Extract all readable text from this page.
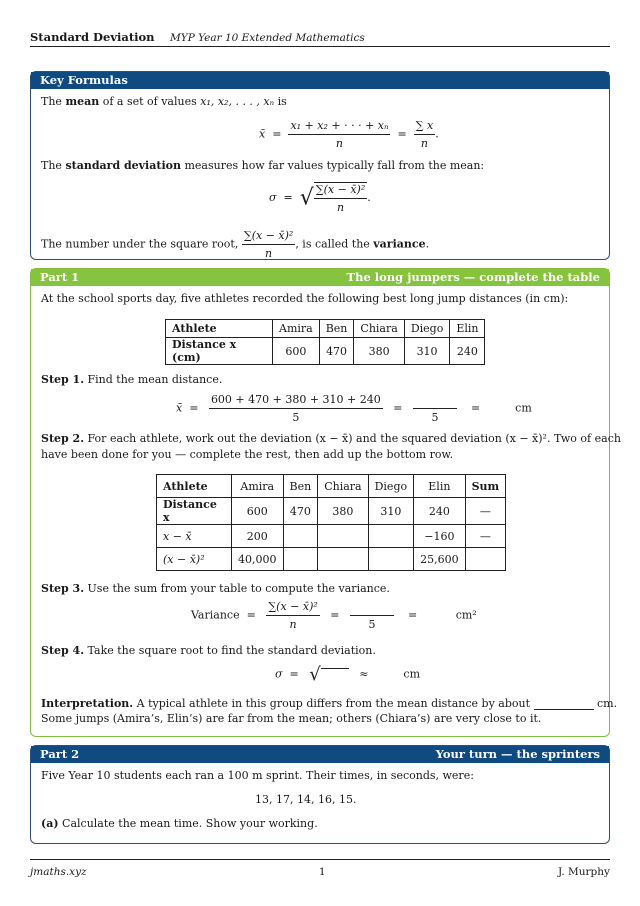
Standard Deviation MYP Year 10 Extended Mathematics
Key Formulas
The mean of a set of values x₁, x₂, . . . , xₙ is
x̄ = $\frac{\text{x₁ + x₂ + · · · + xₙ}}{n} = \frac{\sum x}{n}$ .
The standard deviation measures how far values typically fall from the mean:
σ = √ $\frac{\text{∑(x − x̄)²}}{n}$ .
The number under the square root, $\frac{\text{∑(x − x̄)²}}{n}$ , is called the variance.
Part 1	The long jumpers — complete the table
At the school sports day, five athletes recorded the following best long jump distances (in cm):
Athlete	Amira	Ben	Chiara	Diego	Elin
Distance x (cm)	600	470	380	310	240
Step 1. Find the mean distance.
x̄ = $\frac{600 + 470 + 380 + 310 + 240}{5}$ =
5
=	cm
Step 2. For each athlete, work out the deviation (x − x̄) and the squared deviation (x − x̄)². Two of each
have been done for you — complete the rest, then add up the bottom row.
Athlete	Amira	Ben	Chiara	Diego	Elin	Sum
Distance x	600	470	380	310	240	—
x − x̄	200				−160	—
(x − x̄)²	40,000				25,600	
Step 3. Use the sum from your table to compute the variance.
Variance = $\frac{\text{∑(x − x̄)²}}{n}$ =
5
=	cm²
Step 4. Take the square root to find the standard deviation.
σ = √	≈	cm
Interpretation. A typical athlete in this group differs from the mean distance by about	cm.
Some jumps (Amira’s, Elin’s) are far from the mean; others (Chiara’s) are very close to it.
Part 2	Your turn — the sprinters
Five Year 10 students each ran a 100 m sprint. Their times, in seconds, were:
13, 17, 14, 16, 15.
(a) Calculate the mean time. Show your working.
jmaths.xyz	1	J. Murphy
